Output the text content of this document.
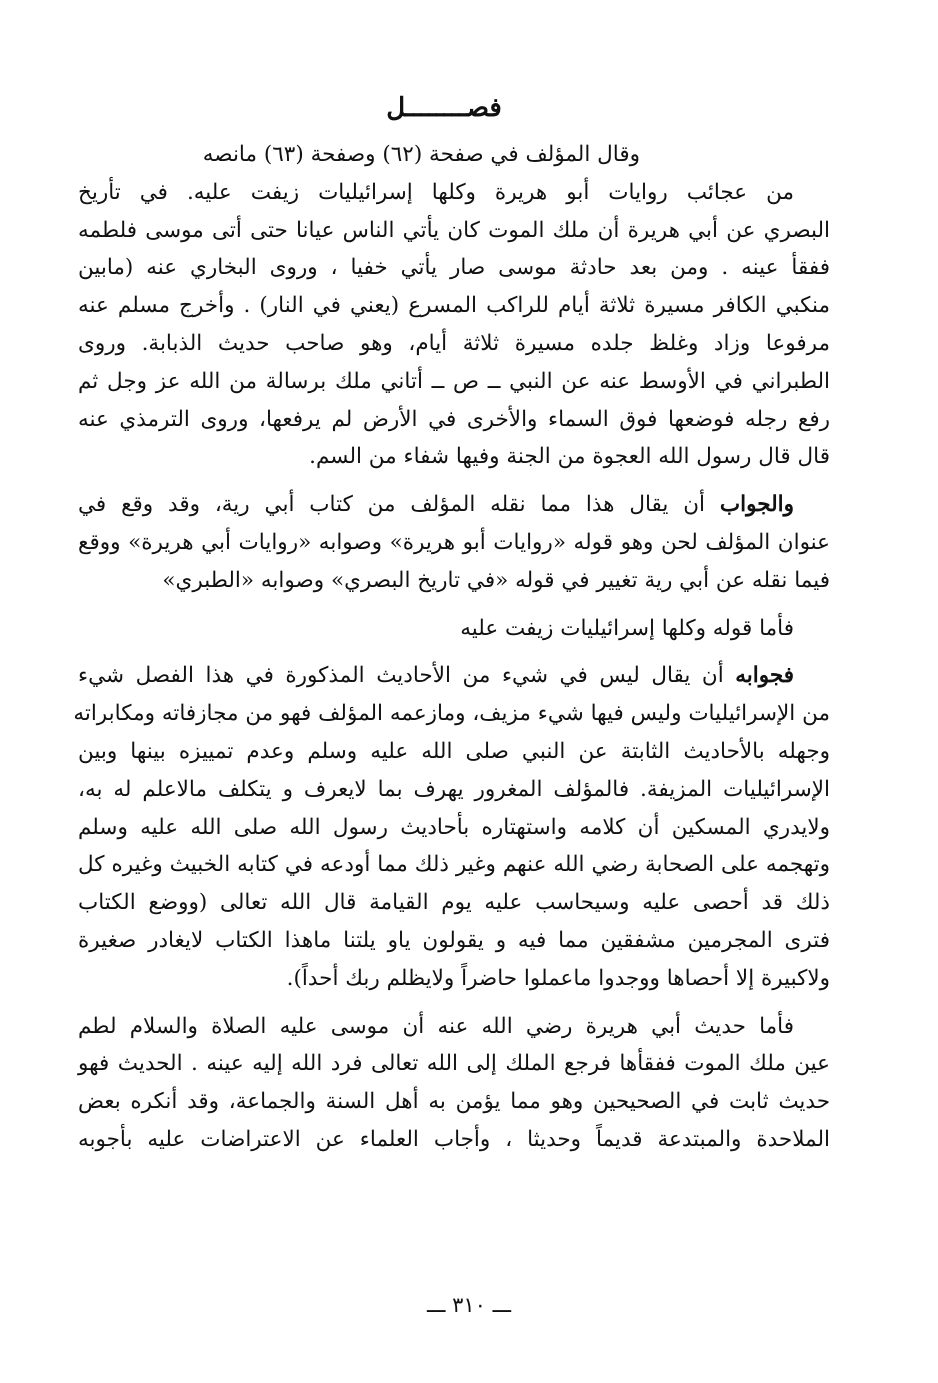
فصــــــــل

وقال المؤلف في صفحة (٦٢) وصفحة (٦٣) مانصه

من عجائب روايات أبو هريرة وكلها إسرائيليات زيفت عليه. في تأريخ

البصري عن أبي هريرة أن ملك الموت كان يأتي الناس عيانا حتى أتى موسى فلطمه

ففقأ عينه . ومن بعد حادثة موسى صار يأتي خفيا ، وروى البخاري عنه (مابين

منكبي الكافر مسيرة ثلاثة أيام للراكب المسرع (يعني في النار) . وأخرج مسلم عنه

مرفوعا وزاد وغلظ جلده مسيرة ثلاثة أيام، وهو صاحب حديث الذبابة. وروى

الطبراني في الأوسط عنه عن النبي ــ ص ــ أتاني ملك برسالة من الله عز وجل ثم

رفع رجله فوضعها فوق السماء والأخرى في الأرض لم يرفعها، وروى الترمذي عنه

قال قال رسول الله العجوة من الجنة وفيها شفاء من السم.

والجواب أن يقال هذا مما نقله المؤلف من كتاب أبي رية، وقد وقع في

عنوان المؤلف لحن وهو قوله «روايات أبو هريرة» وصوابه «روايات أبي هريرة» ووقع

فيما نقله عن أبي رية تغيير في قوله «في تاريخ البصري» وصوابه «الطبري»

فأما قوله وكلها إسرائيليات زيفت عليه

فجوابه أن يقال ليس في شيء من الأحاديث المذكورة في هذا الفصل شيء

من الإسرائيليات وليس فيها شيء مزيف، ومازعمه المؤلف فهو من مجازفاته ومكابراته

وجهله بالأحاديث الثابتة عن النبي صلى الله عليه وسلم وعدم تمييزه بينها وبين

الإسرائيليات المزيفة. فالمؤلف المغرور يهرف بما لايعرف و يتكلف مالاعلم له به،

ولايدري المسكين أن كلامه واستهتاره بأحاديث رسول الله صلى الله عليه وسلم

وتهجمه على الصحابة رضي الله عنهم وغير ذلك مما أودعه في كتابه الخبيث وغيره كل

ذلك قد أحصى عليه وسيحاسب عليه يوم القيامة قال الله تعالى (ووضع الكتاب

فترى المجرمين مشفقين مما فيه و يقولون ياو يلتنا ماهذا الكتاب لايغادر صغيرة

ولاكبيرة إلا أحصاها ووجدوا ماعملوا حاضراً ولايظلم ربك أحداً).

فأما حديث أبي هريرة رضي الله عنه أن موسى عليه الصلاة والسلام لطم

عين ملك الموت ففقأها فرجع الملك إلى الله تعالى فرد الله إليه عينه . الحديث فهو

حديث ثابت في الصحيحين وهو مما يؤمن به أهل السنة والجماعة، وقد أنكره بعض

الملاحدة والمبتدعة قديماً وحديثا ، وأجاب العلماء عن الاعتراضات عليه بأجوبه

ـــ ٣١٠ ـــ
